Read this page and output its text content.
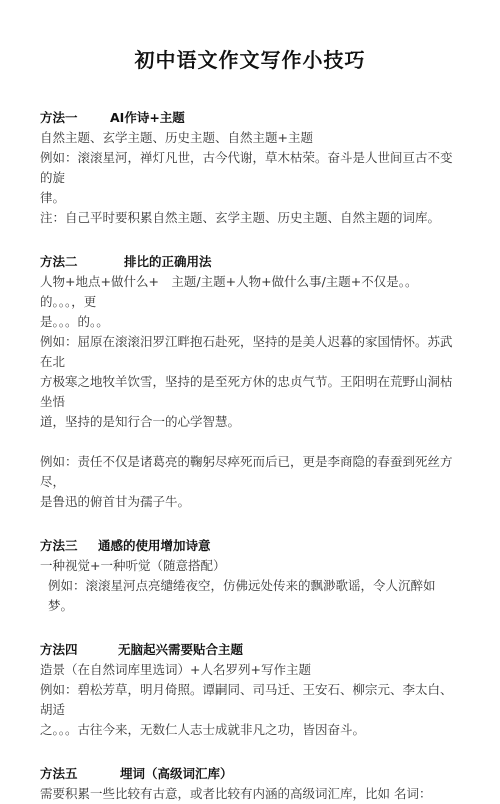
初中语文作文写作小技巧
方法一	AI作诗+主题
自然主题、玄学主题、历史主题、自然主题+主题
例如：滚滚星河，禅灯凡世，古今代谢，草木枯荣。奋斗是人世间亘古不变的旋
律。
注：自己平时要积累自然主题、玄学主题、历史主题、自然主题的词库。
方法二	排比的正确用法
人物+地点+做什么+　主题/主题+人物+做什么事/主题+不仅是。。的。。。，更
是。。。的。。
例如：屈原在滚滚汨罗江畔抱石赴死，坚持的是美人迟暮的家国情怀。苏武在北
方极寒之地牧羊饮雪，坚持的是至死方休的忠贞气节。王阳明在荒野山洞枯坐悟
道，坚持的是知行合一的心学智慧。
例如：责任不仅是诸葛亮的鞠躬尽瘁死而后已，更是李商隐的春蚕到死丝方尽，
是鲁迅的俯首甘为孺子牛。
方法三 通感的使用增加诗意
一种视觉+一种听觉（随意搭配）
例如：滚滚星河点亮缱绻夜空，仿佛远处传来的飘渺歌谣，令人沉醉如梦。
方法四	无脑起兴需要贴合主题
造景（在自然词库里选词）+人名罗列+写作主题
例如：碧松芳草，明月倚照。谭嗣同、司马迁、王安石、柳宗元、李太白、胡适
之。。。古往今来，无数仁人志士成就非凡之功，皆因奋斗。
方法五	埋词（高级词汇库）
需要积累一些比较有古意，或者比较有内涵的高级词汇库，比如 名词：
